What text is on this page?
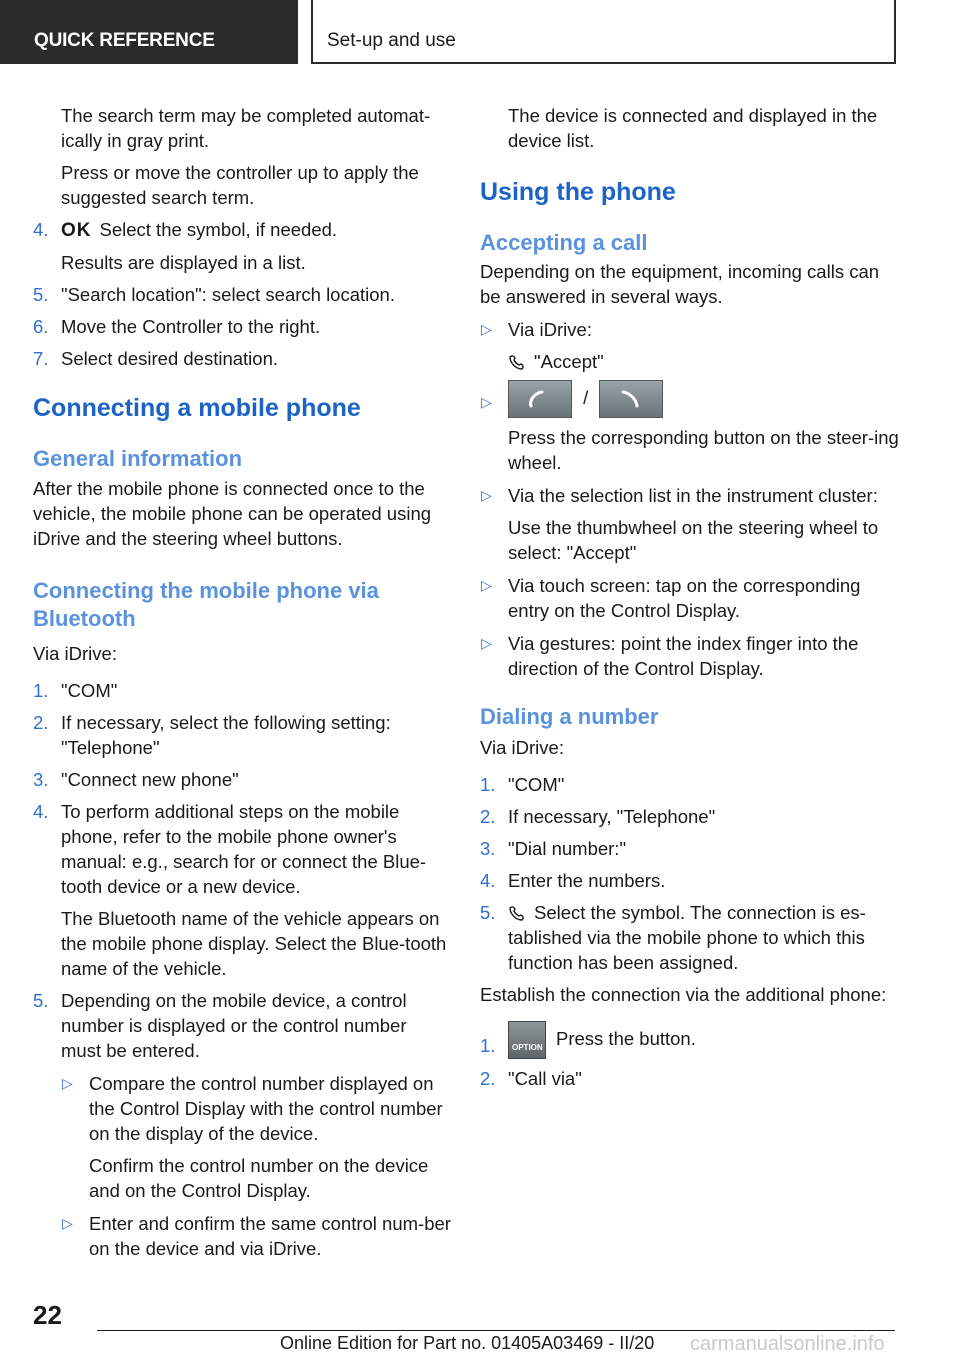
QUICK REFERENCE	Set-up and use
The search term may be completed automat-ically in gray print.
Press or move the controller up to apply the suggested search term.
4. OK Select the symbol, if needed.
Results are displayed in a list.
5. "Search location": select search location.
6. Move the Controller to the right.
7. Select desired destination.
Connecting a mobile phone
General information
After the mobile phone is connected once to the vehicle, the mobile phone can be operated using iDrive and the steering wheel buttons.
Connecting the mobile phone via Bluetooth
Via iDrive:
1. "COM"
2. If necessary, select the following setting: "Telephone"
3. "Connect new phone"
4. To perform additional steps on the mobile phone, refer to the mobile phone owner's manual: e.g., search for or connect the Blue-tooth device or a new device.
The Bluetooth name of the vehicle appears on the mobile phone display. Select the Blue-tooth name of the vehicle.
5. Depending on the mobile device, a control number is displayed or the control number must be entered.
▷ Compare the control number displayed on the Control Display with the control number on the display of the device.
Confirm the control number on the device and on the Control Display.
▷ Enter and confirm the same control num-ber on the device and via iDrive.
The device is connected and displayed in the device list.
Using the phone
Accepting a call
Depending on the equipment, incoming calls can be answered in several ways.
▷ Via iDrive:
"Accept"
▷	/
Press the corresponding button on the steer-ing wheel.
▷ Via the selection list in the instrument cluster:
Use the thumbwheel on the steering wheel to select: "Accept"
▷ Via touch screen: tap on the corresponding entry on the Control Display.
▷ Via gestures: point the index finger into the direction of the Control Display.
Dialing a number
Via iDrive:
1. "COM"
2. If necessary, "Telephone"
3. "Dial number:"
4. Enter the numbers.
5. Select the symbol. The connection is es-tablished via the mobile phone to which this function has been assigned.
Establish the connection via the additional phone:
1. OPTION Press the button.
2. "Call via"
22
Online Edition for Part no. 01405A03469 - II/20 carmanualsonline.info
